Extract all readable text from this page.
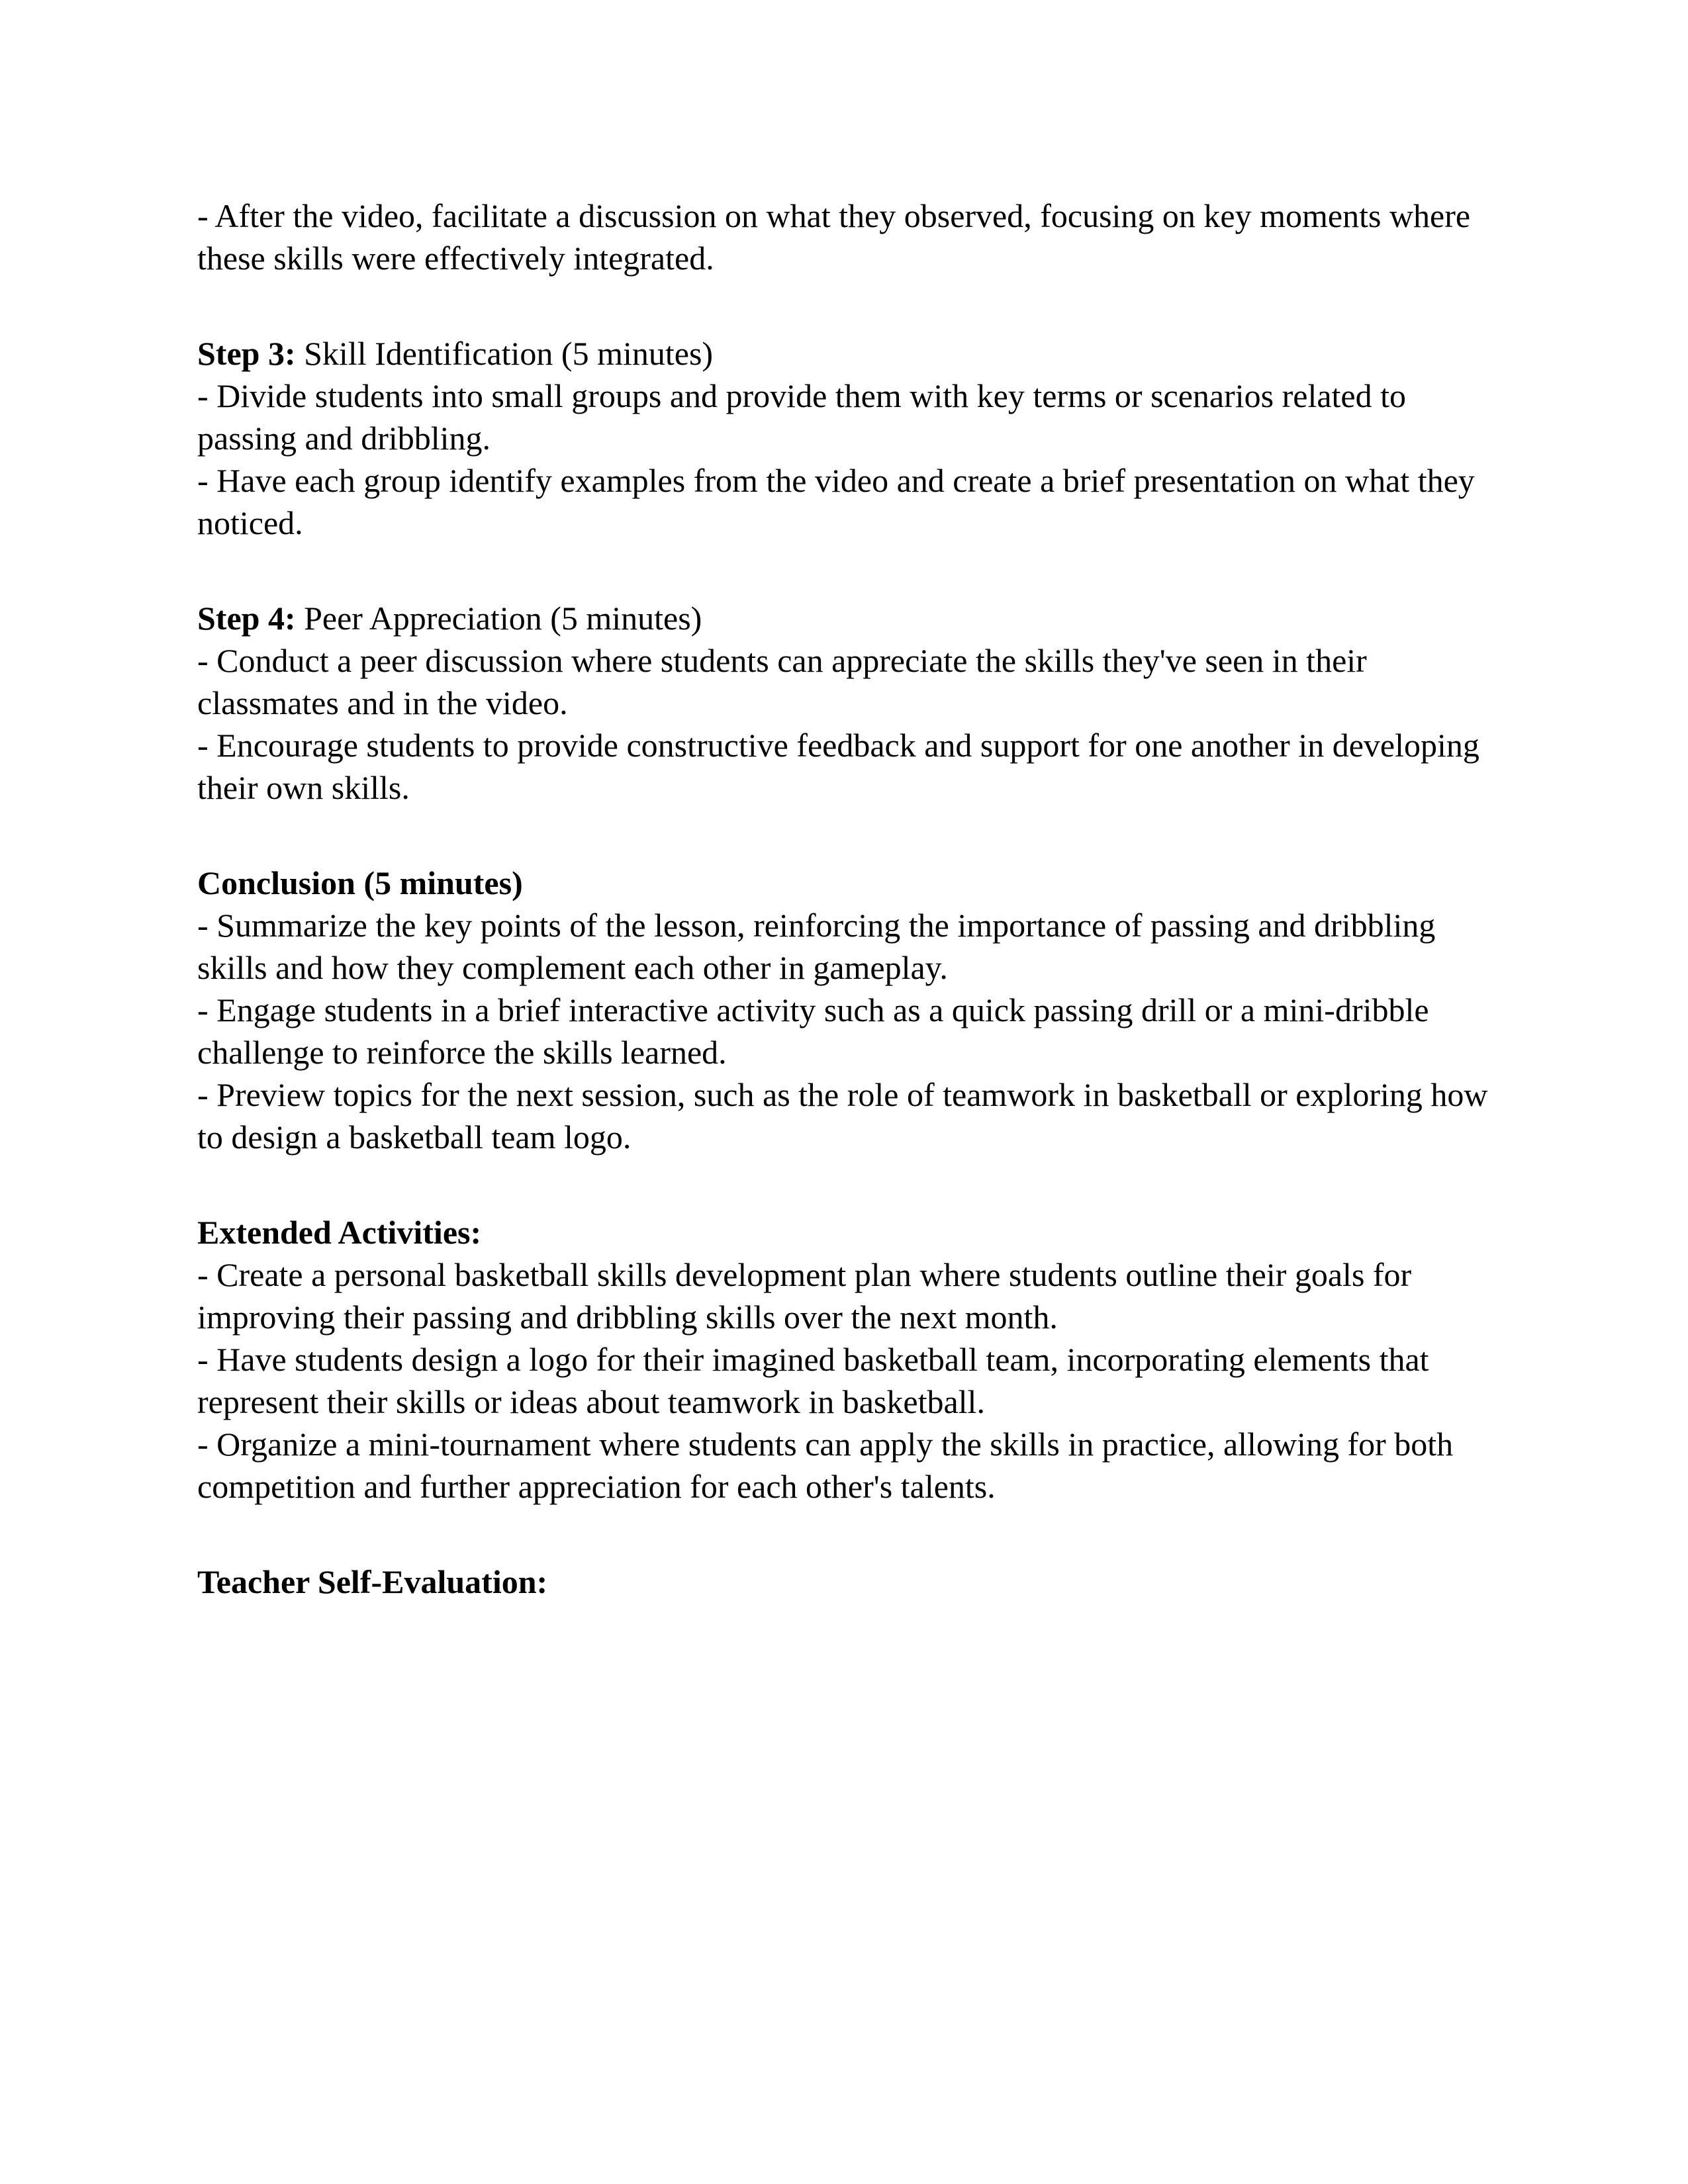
- After the video, facilitate a discussion on what they observed, focusing on key moments where
these skills were effectively integrated.

Step 3: Skill Identification (5 minutes)
- Divide students into small groups and provide them with key terms or scenarios related to
passing and dribbling.
- Have each group identify examples from the video and create a brief presentation on what they
noticed.

Step 4: Peer Appreciation (5 minutes)
- Conduct a peer discussion where students can appreciate the skills they've seen in their
classmates and in the video.
- Encourage students to provide constructive feedback and support for one another in developing
their own skills.

Conclusion (5 minutes)
- Summarize the key points of the lesson, reinforcing the importance of passing and dribbling
skills and how they complement each other in gameplay.
- Engage students in a brief interactive activity such as a quick passing drill or a mini-dribble
challenge to reinforce the skills learned.
- Preview topics for the next session, such as the role of teamwork in basketball or exploring how
to design a basketball team logo.

Extended Activities:
- Create a personal basketball skills development plan where students outline their goals for
improving their passing and dribbling skills over the next month.
- Have students design a logo for their imagined basketball team, incorporating elements that
represent their skills or ideas about teamwork in basketball.
- Organize a mini-tournament where students can apply the skills in practice, allowing for both
competition and further appreciation for each other's talents.

Teacher Self-Evaluation:
